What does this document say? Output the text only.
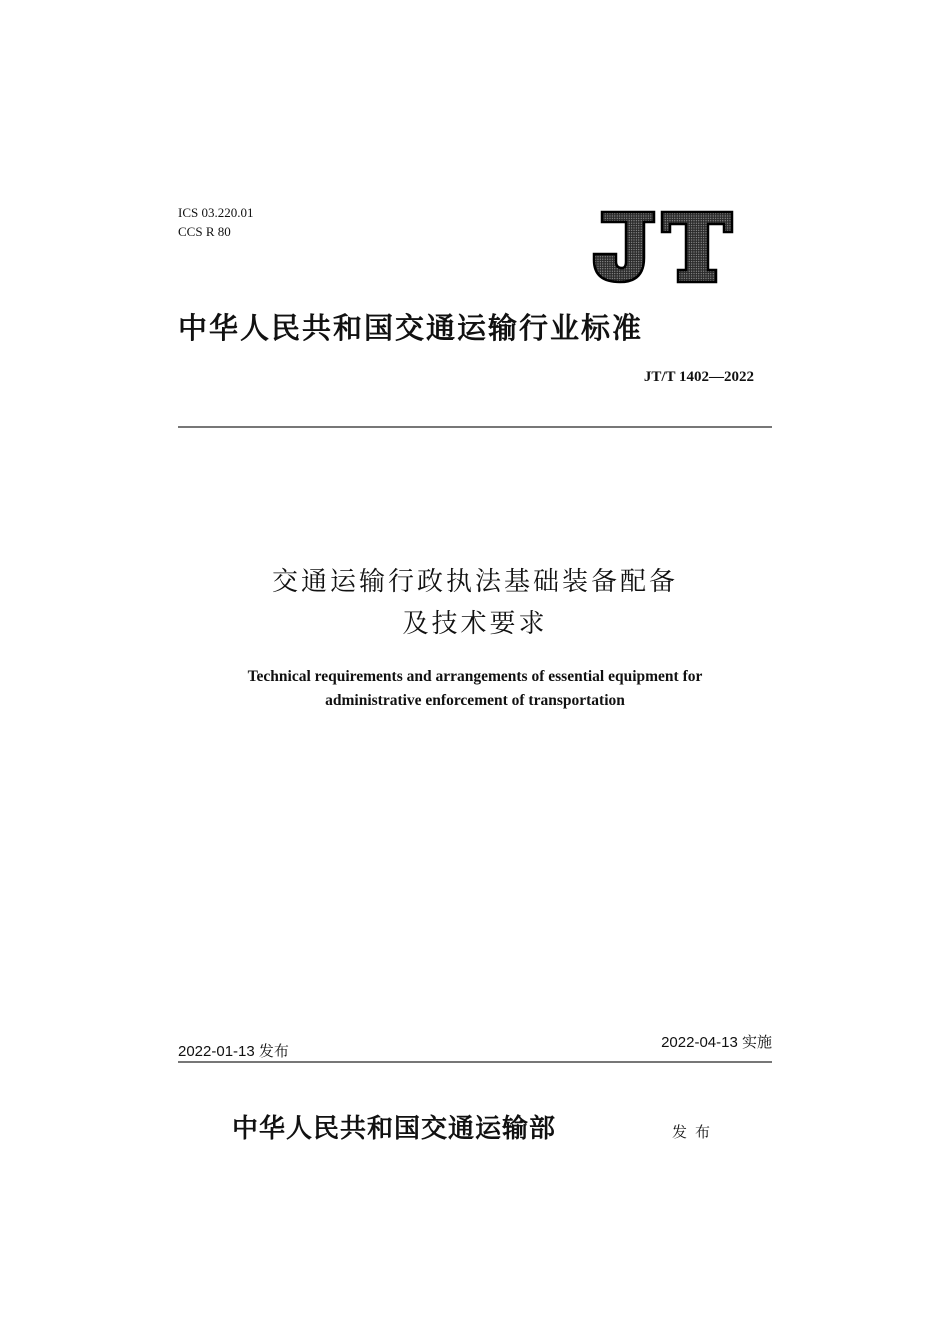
ICS 03.220.01
CCS R 80
中华人民共和国交通运输行业标准
JT/T 1402—2022
交通运输行政执法基础装备配备
及技术要求
Technical requirements and arrangements of essential equipment for
administrative enforcement of transportation
2022-01-13 发布
2022-04-13 实施
中华人民共和国交通运输部	发布
